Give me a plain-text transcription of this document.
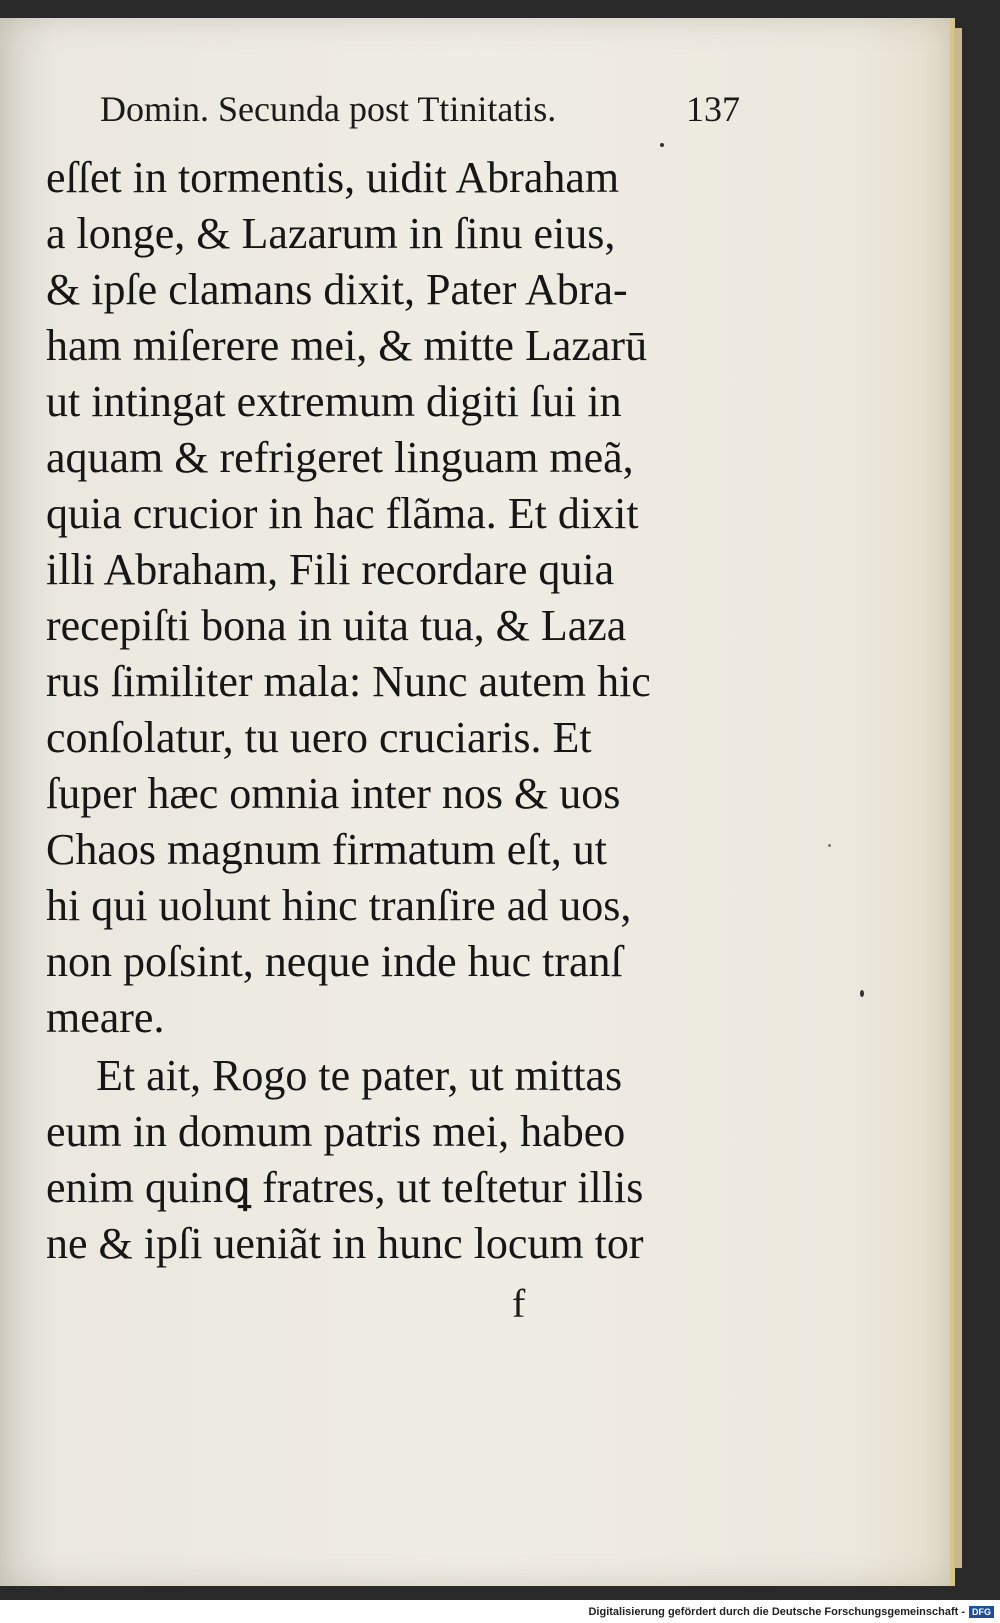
Domin. Secunda post Ttinitatis.	137
eſſet in tormentis, uidit Abraham
a longe, & Lazarum in ſinu eius,
& ipſe clamans dixit, Pater Abra-
ham miſerere mei, & mitte Lazarū
ut intingat extremum digiti ſui in
aquam & refrigeret linguam meã,
quia crucior in hac flãma. Et dixit
illi Abraham, Fili recordare quia
recepiſti bona in uita tua, & Laza
rus ſimiliter mala: Nunc autem hic
conſolatur, tu uero cruciaris. Et
ſuper hæc omnia inter nos & uos
Chaos magnum firmatum eſt, ut
hi qui uolunt hinc tranſire ad uos,
non poſsint, neque inde huc tranſ
meare.
Et ait, Rogo te pater, ut mittas
eum in domum patris mei, habeo
enim quinꝗ fratres, ut teſtetur illis
ne & ipſi ueniãt in hunc locum tor
f
Digitalisierung gefördert durch die Deutsche Forschungsgemeinschaft - DFG
